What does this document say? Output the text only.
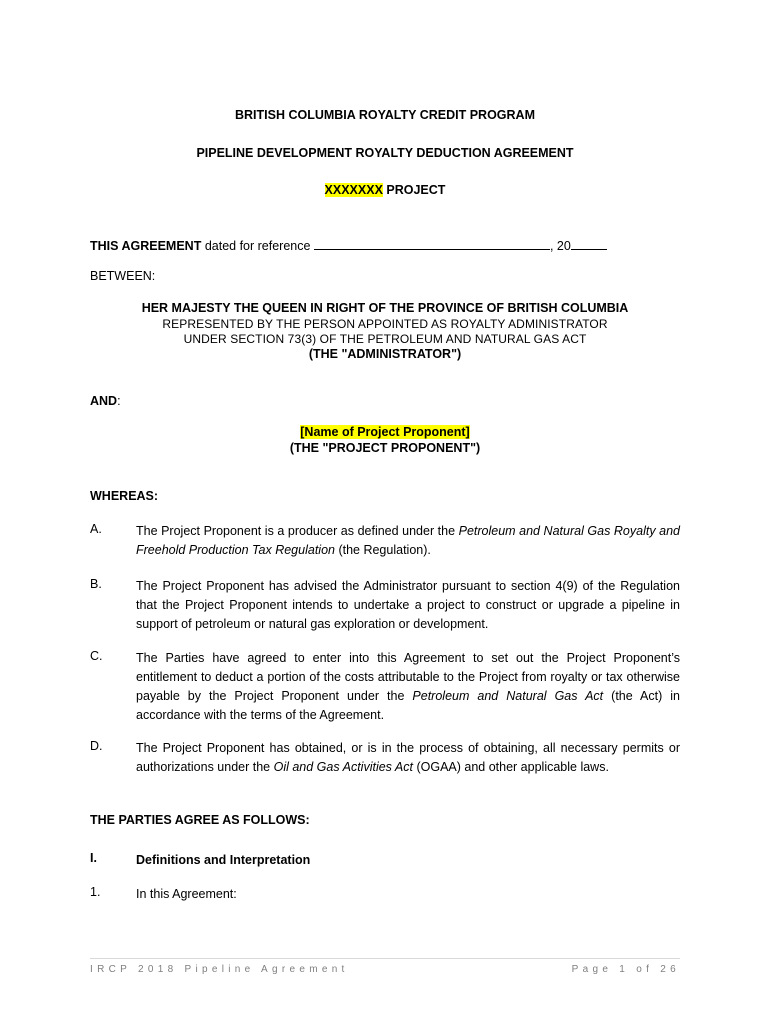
BRITISH COLUMBIA ROYALTY CREDIT PROGRAM
PIPELINE DEVELOPMENT ROYALTY DEDUCTION AGREEMENT
XXXXXXX PROJECT
THIS AGREEMENT dated for reference	, 20
BETWEEN:
HER MAJESTY THE QUEEN IN RIGHT OF THE PROVINCE OF BRITISH COLUMBIA
REPRESENTED BY THE PERSON APPOINTED AS ROYALTY ADMINISTRATOR
UNDER SECTION 73(3) OF THE PETROLEUM AND NATURAL GAS ACT
(THE "ADMINISTRATOR")
AND:
[Name of Project Proponent]
(THE "PROJECT PROPONENT")
WHEREAS:
A.	The Project Proponent is a producer as defined under the Petroleum and Natural Gas Royalty and Freehold Production Tax Regulation (the Regulation).
B.	The Project Proponent has advised the Administrator pursuant to section 4(9) of the Regulation that the Project Proponent intends to undertake a project to construct or upgrade a pipeline in support of petroleum or natural gas exploration or development.
C.	The Parties have agreed to enter into this Agreement to set out the Project Proponent’s entitlement to deduct a portion of the costs attributable to the Project from royalty or tax otherwise payable by the Project Proponent under the Petroleum and Natural Gas Act (the Act) in accordance with the terms of the Agreement.
D.	The Project Proponent has obtained, or is in the process of obtaining, all necessary permits or authorizations under the Oil and Gas Activities Act (OGAA) and other applicable laws.
THE PARTIES AGREE AS FOLLOWS:
I.	Definitions and Interpretation
1.	In this Agreement:
IRCP 2018 Pipeline Agreement	Page 1 of 26
